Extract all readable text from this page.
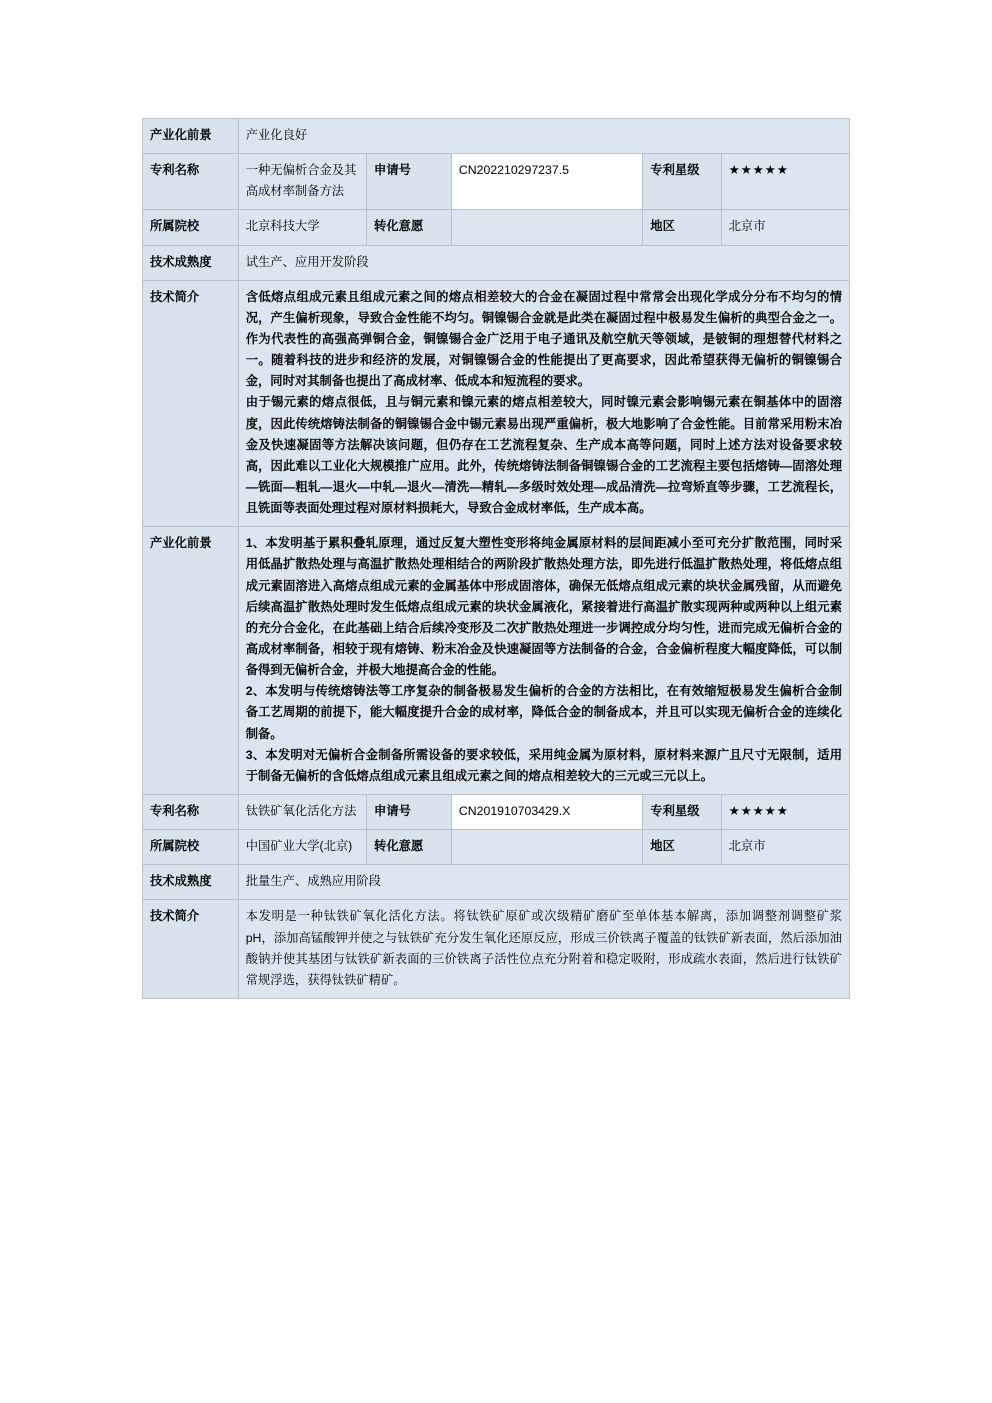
产业化前景	产业化良好				
专利名称	一种无偏析合金及其高成材率制备方法	申请号	CN202210297237.5	专利星级	★★★★★
所属院校	北京科技大学	转化意愿		地区	北京市
技术成熟度	试生产、应用开发阶段				
技术简介	含低熔点组成元素且组成元素之间的熔点相差较大的合金在凝固过程中常常会出现化学成分分布不均匀的情况，产生偏析现象，导致合金性能不均匀。铜镍锡合金就是此类在凝固过程中极易发生偏析的典型合金之一。作为代表性的高强高弹铜合金，铜镍锡合金广泛用于电子通讯及航空航天等领域，是铍铜的理想替代材料之一。随着科技的进步和经济的发展，对铜镍锡合金的性能提出了更高要求，因此希望获得无偏析的铜镍锡合金，同时对其制备也提出了高成材率、低成本和短流程的要求。

由于锡元素的熔点很低，且与铜元素和镍元素的熔点相差较大，同时镍元素会影响锡元素在铜基体中的固溶度，因此传统熔铸法制备的铜镍锡合金中锡元素易出现严重偏析，极大地影响了合金性能。目前常采用粉末冶金及快速凝固等方法解决该问题，但仍存在工艺流程复杂、生产成本高等问题，同时上述方法对设备要求较高，因此难以工业化大规模推广应用。此外，传统熔铸法制备铜镍锡合金的工艺流程主要包括熔铸—固溶处理—铣面—粗轧—退火—中轧—退火—清洗—精轧—多级时效处理—成品清洗—拉弯矫直等步骤，工艺流程长，且铣面等表面处理过程对原材料损耗大，导致合金成材率低，生产成本高。				

产业化前景	1、本发明基于累积叠轧原理，通过反复大塑性变形将纯金属原材料的层间距减小至可充分扩散范围，同时采用低晶扩散热处理与高温扩散热处理相结合的两阶段扩散热处理方法，即先进行低温扩散热处理，将低熔点组成元素固溶进入高熔点组成元素的金属基体中形成固溶体，确保无低熔点组成元素的块状金属残留，从而避免后续高温扩散热处理时发生低熔点组成元素的块状金属液化，紧接着进行高温扩散实现两种或两种以上组元素的充分合金化，在此基础上结合后续冷变形及二次扩散热处理进一步调控成分均匀性，进而完成无偏析合金的高成材率制备，相较于现有熔铸、粉末冶金及快速凝固等方法制备的合金，合金偏析程度大幅度降低，可以制备得到无偏析合金，并极大地提高合金的性能。

2、本发明与传统熔铸法等工序复杂的制备极易发生偏析的合金的方法相比，在有效缩短极易发生偏析合金制备工艺周期的前提下，能大幅度提升合金的成材率，降低合金的制备成本，并且可以实现无偏析合金的连续化制备。

3、本发明对无偏析合金制备所需设备的要求较低，采用纯金属为原材料，原材料来源广且尺寸无限制，适用于制备无偏析的含低熔点组成元素且组成元素之间的熔点相差较大的三元或三元以上。				

专利名称	钛铁矿氧化活化方法	申请号	CN201910703429.X	专利星级	★★★★★
所属院校	中国矿业大学(北京)	转化意愿		地区	北京市
技术成熟度	批量生产、成熟应用阶段				
技术简介	本发明是一种钛铁矿氧化活化方法。将钛铁矿原矿或次级精矿磨矿至单体基本解离，添加调整剂调整矿浆 pH，添加高锰酸钾并使之与钛铁矿充分发生氧化还原反应，形成三价铁离子覆盖的钛铁矿新表面，然后添加油酸钠并使其基团与钛铁矿新表面的三价铁离子活性位点充分附着和稳定吸附，形成疏水表面，然后进行钛铁矿常规浮选，获得钛铁矿精矿。				
